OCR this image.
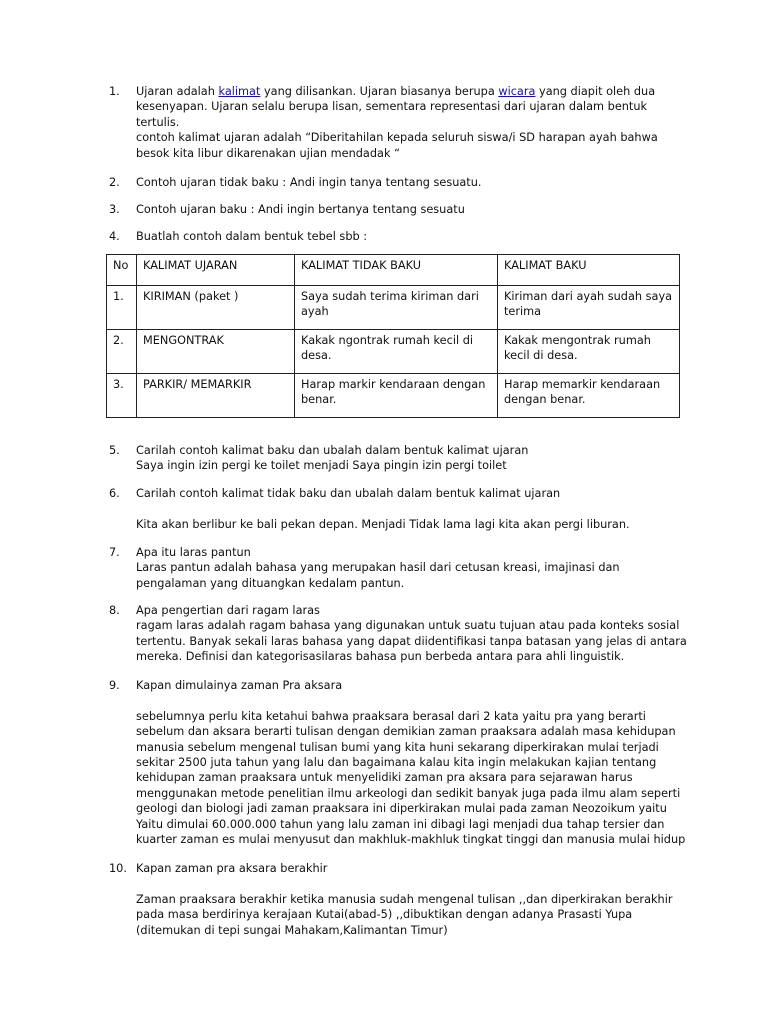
1. Ujaran adalah kalimat yang dilisankan. Ujaran biasanya berupa wicara yang diapit oleh dua kesenyapan. Ujaran selalu berupa lisan, sementara representasi dari ujaran dalam bentuk tertulis.

contoh kalimat ujaran adalah “Diberitahilan kepada seluruh siswa/i SD harapan ayah bahwa besok kita libur dikarenakan ujian mendadak “

2. Contoh ujaran tidak baku : Andi ingin tanya tentang sesuatu.
3. Contoh ujaran baku : Andi ingin bertanya tentang sesuatu
4. Buatlah contoh dalam bentuk tebel sbb :
No	KALIMAT UJARAN	KALIMAT TIDAK BAKU	KALIMAT BAKU
1.	KIRIMAN (paket )	Saya sudah terima kiriman dari ayah	Kiriman dari ayah sudah saya terima
2.	MENGONTRAK	Kakak ngontrak rumah kecil di desa.	Kakak mengontrak rumah kecil di desa.
3.	PARKIR/ MEMARKIR	Harap markir kendaraan dengan benar.	Harap memarkir kendaraan dengan benar.
5. Carilah contoh kalimat baku dan ubalah dalam bentuk kalimat ujaran

Saya ingin izin pergi ke toilet menjadi Saya pingin izin pergi toilet

6. Carilah contoh kalimat tidak baku dan ubalah dalam bentuk kalimat ujaran

Kita akan berlibur ke bali pekan depan. Menjadi Tidak lama lagi kita akan pergi liburan.

7. Apa itu laras pantun

Laras pantun adalah bahasa yang merupakan hasil dari cetusan kreasi, imajinasi dan pengalaman yang dituangkan kedalam pantun.

8. Apa pengertian dari ragam laras

ragam laras adalah ragam bahasa yang digunakan untuk suatu tujuan atau pada konteks sosial tertentu. Banyak sekali laras bahasa yang dapat diidentifikasi tanpa batasan yang jelas di antara mereka. Definisi dan kategorisasilaras bahasa pun berbeda antara para ahli linguistik.

9. Kapan dimulainya zaman Pra aksara

sebelumnya perlu kita ketahui bahwa praaksara berasal dari 2 kata yaitu pra yang berarti sebelum dan aksara berarti tulisan dengan demikian zaman praaksara adalah masa kehidupan manusia sebelum mengenal tulisan bumi yang kita huni sekarang diperkirakan mulai terjadi sekitar 2500 juta tahun yang lalu dan bagaimana kalau kita ingin melakukan kajian tentang kehidupan zaman praaksara untuk menyelidiki zaman pra aksara para sejarawan harus menggunakan metode penelitian ilmu arkeologi dan sedikit banyak juga pada ilmu alam seperti geologi dan biologi jadi zaman praaksara ini diperkirakan mulai pada zaman Neozoikum yaitu Yaitu dimulai 60.000.000 tahun yang lalu zaman ini dibagi lagi menjadi dua tahap tersier dan kuarter zaman es mulai menyusut dan makhluk-makhluk tingkat tinggi dan manusia mulai hidup

10. Kapan zaman pra aksara berakhir

Zaman praaksara berakhir ketika manusia sudah mengenal tulisan ,,dan diperkirakan berakhir pada masa berdirinya kerajaan Kutai(abad-5) ,,dibuktikan dengan adanya Prasasti Yupa (ditemukan di tepi sungai Mahakam,Kalimantan Timur)
